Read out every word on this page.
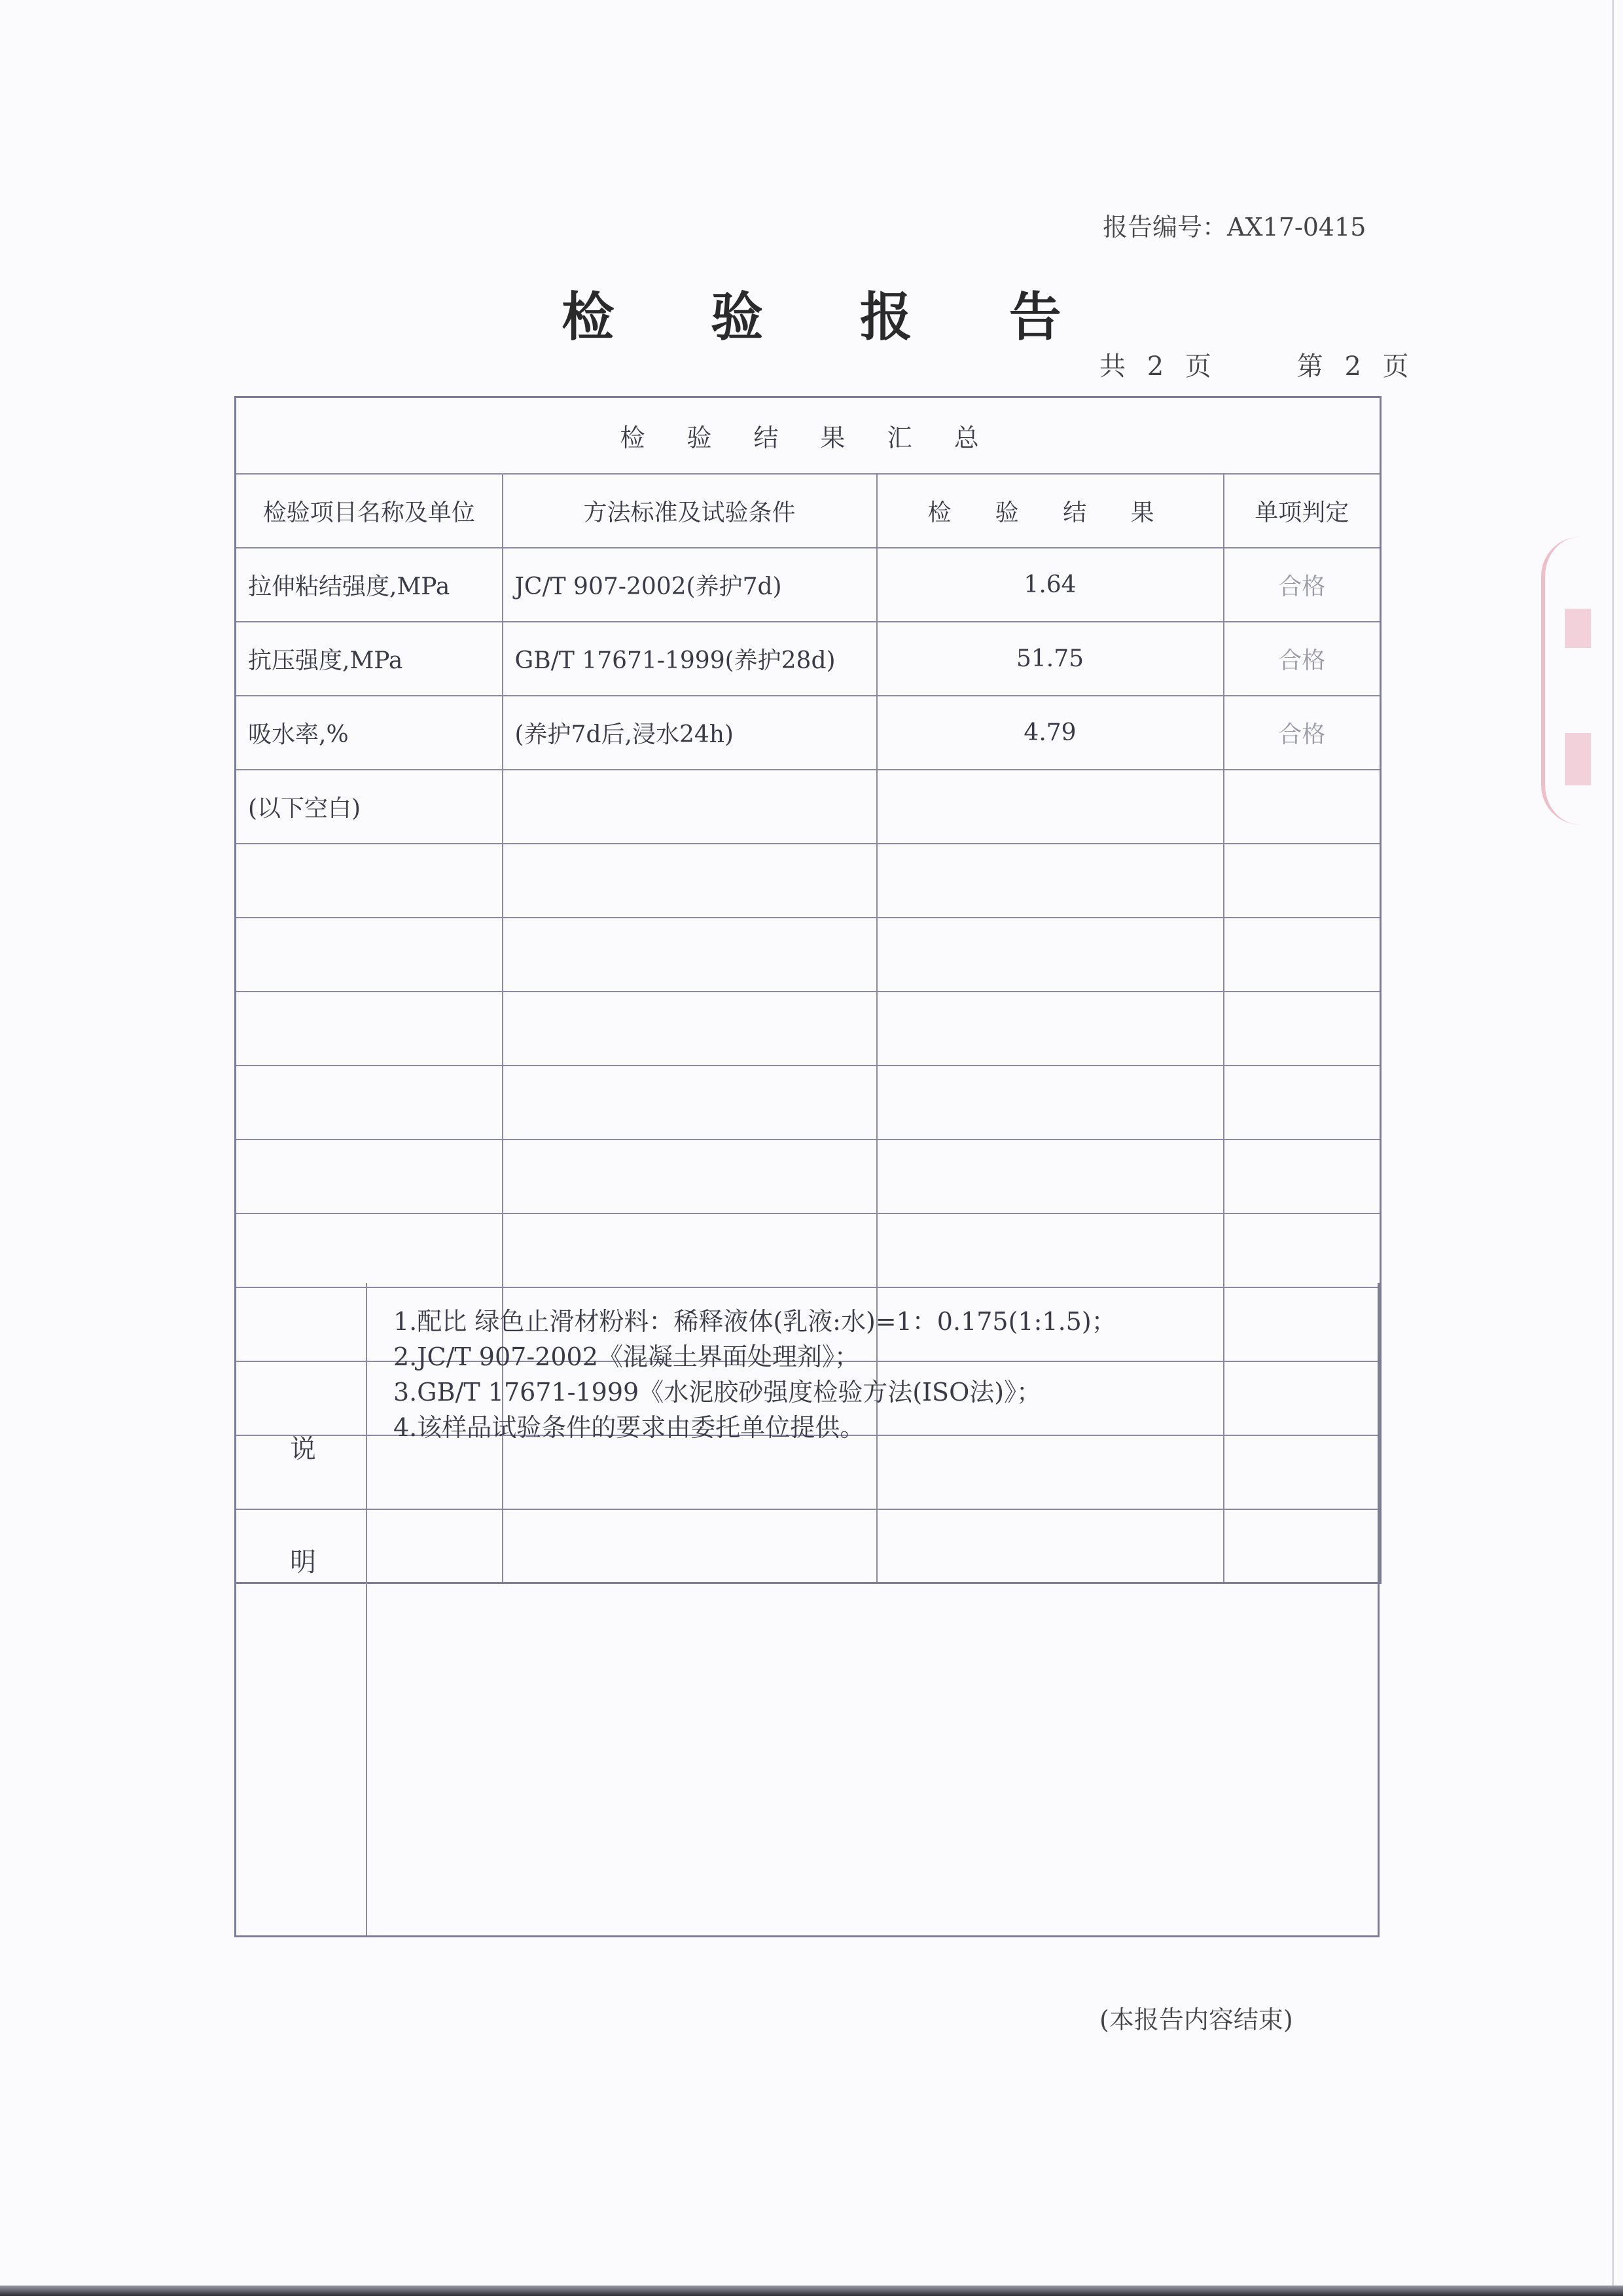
报告编号：AX17-0415
检 验 报 告
共 2 页	第 2 页
检 验 结 果 汇 总			
检验项目名称及单位	方法标准及试验条件	检 验 结 果	单项判定
拉伸粘结强度,MPa	JC/T 907-2002(养护7d)	1.64	合格
抗压强度,MPa	GB/T 17671-1999(养护28d)	51.75	合格
吸水率,%	(养护7d后,浸水24h)	4.79	合格
(以下空白)			

说
明
1.配比 绿色止滑材粉料：稀释液体(乳液:水)=1：0.175(1:1.5)；
2.JC/T 907-2002《混凝土界面处理剂》；
3.GB/T 17671-1999《水泥胶砂强度检验方法(ISO法)》；
4.该样品试验条件的要求由委托单位提供。
(本报告内容结束)
